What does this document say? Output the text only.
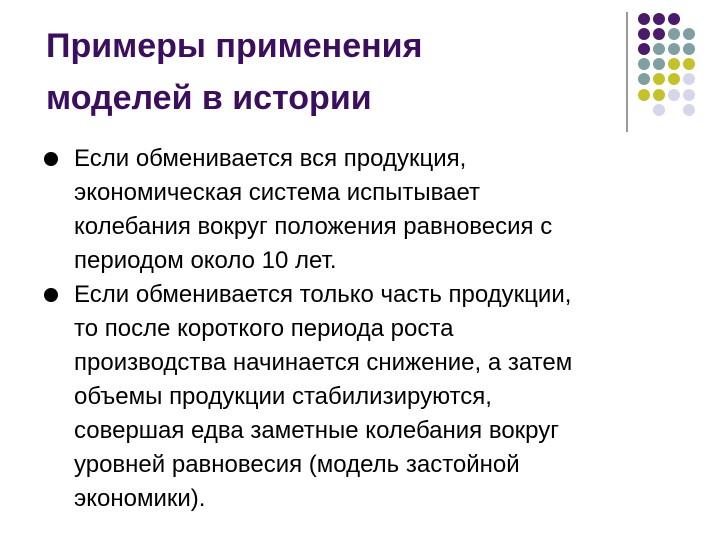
Примеры применения
моделей в истории
Если обменивается вся продукция,
экономическая система испытывает
колебания вокруг положения равновесия с
периодом около 10 лет.
Если обменивается только часть продукции,
то после короткого периода роста
производства начинается снижение, а затем
объемы продукции стабилизируются,
совершая едва заметные колебания вокруг
уровней равновесия (модель застойной
экономики).
